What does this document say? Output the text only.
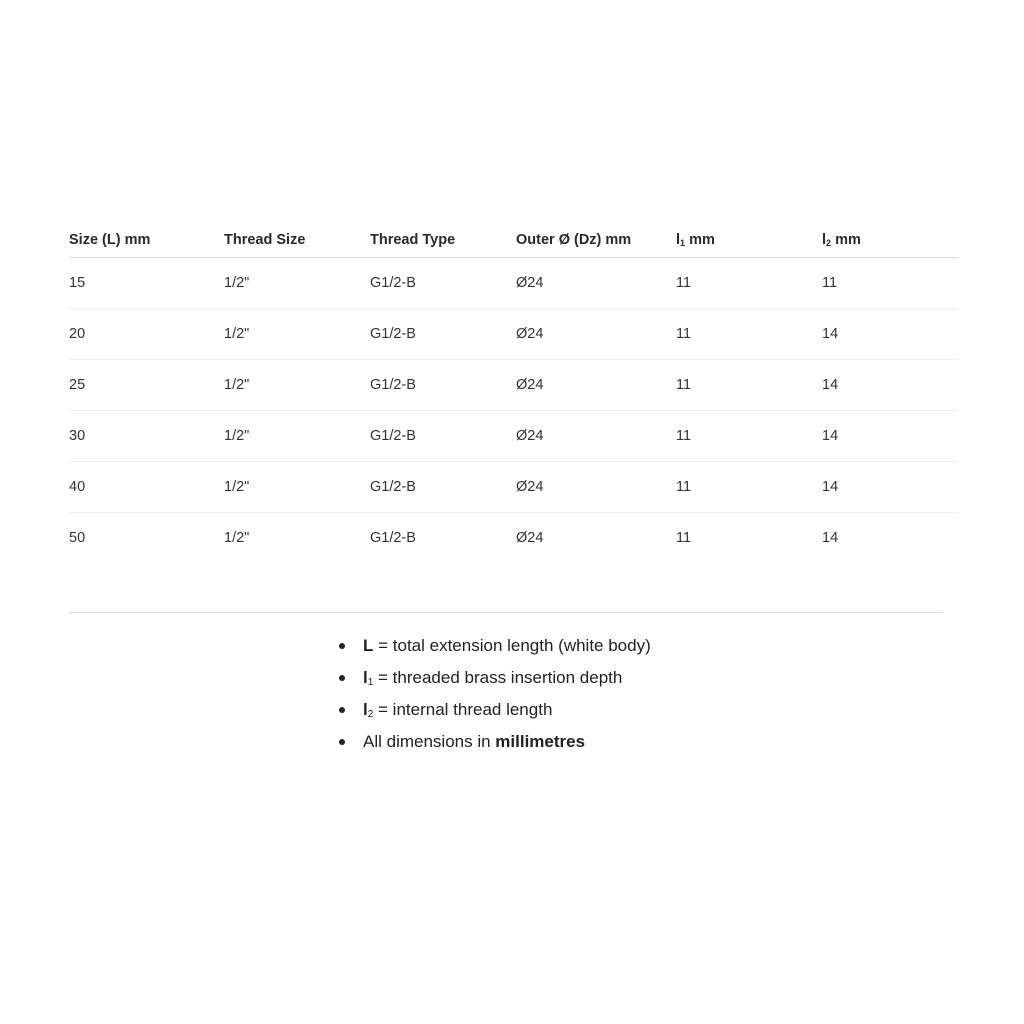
Size (L) mm	Thread Size	Thread Type	Outer Ø (Dz) mm	$l_1$ mm	$l_2$ mm
15	1/2"	G1/2-B	Ø24	11	11
20	1/2"	G1/2-B	Ø24	11	14
25	1/2"	G1/2-B	Ø24	11	14
30	1/2"	G1/2-B	Ø24	11	14
40	1/2"	G1/2-B	Ø24	11	14
50	1/2"	G1/2-B	Ø24	11	14
L = total extension length (white body)
$l_1$ = threaded brass insertion depth
$l_2$ = internal thread length
All dimensions in millimetres
